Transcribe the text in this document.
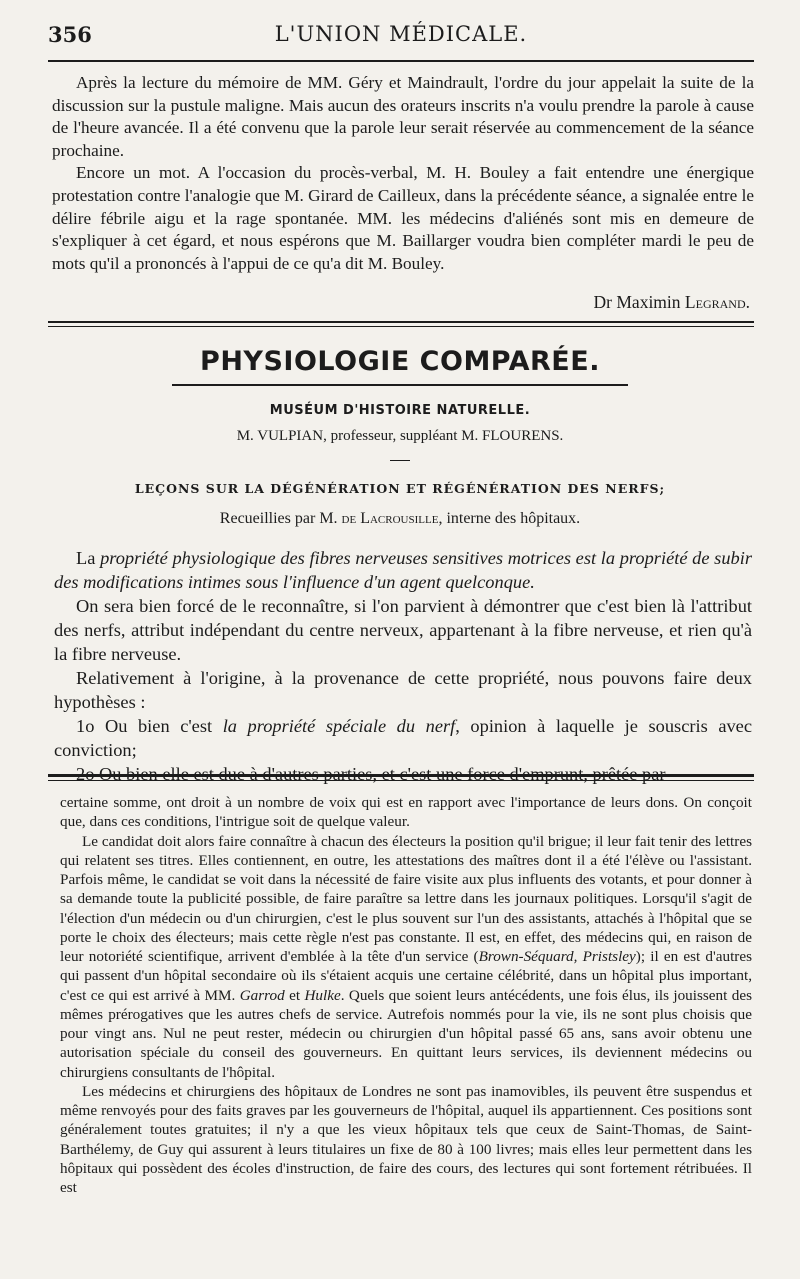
356	L'UNION MÉDICALE.

Après la lecture du mémoire de MM. Géry et Maindrault, l'ordre du jour appelait la suite de la discussion sur la pustule maligne. Mais aucun des orateurs inscrits n'a voulu prendre la parole à cause de l'heure avancée. Il a été convenu que la parole leur serait réservée au commencement de la séance prochaine.

Encore un mot. A l'occasion du procès-verbal, M. H. Bouley a fait entendre une énergique protestation contre l'analogie que M. Girard de Cailleux, dans la précédente séance, a signalée entre le délire fébrile aigu et la rage spontanée. MM. les médecins d'aliénés sont mis en demeure de s'expliquer à cet égard, et nous espérons que M. Baillarger voudra bien compléter mardi le peu de mots qu'il a prononcés à l'appui de ce qu'a dit M. Bouley.

Dr Maximin Legrand.
PHYSIOLOGIE COMPARÉE.
MUSÉUM D'HISTOIRE NATURELLE.
M. VULPIAN, professeur, suppléant M. FLOURENS.
LEÇONS SUR LA DÉGÉNÉRATION ET RÉGÉNÉRATION DES NERFS;
Recueillies par M. de Lacrousille, interne des hôpitaux.

La propriété physiologique des fibres nerveuses sensitives motrices est la propriété de subir des modifications intimes sous l'influence d'un agent quelconque.

On sera bien forcé de le reconnaître, si l'on parvient à démontrer que c'est bien là l'attribut des nerfs, attribut indépendant du centre nerveux, appartenant à la fibre nerveuse, et rien qu'à la fibre nerveuse.

Relativement à l'origine, à la provenance de cette propriété, nous pouvons faire deux hypothèses :

1o Ou bien c'est la propriété spéciale du nerf, opinion à laquelle je souscris avec conviction;

certaine somme, ont droit à un nombre de voix qui est en rapport avec l'importance de leurs dons. On conçoit que, dans ces conditions, l'intrigue soit de quelque valeur.

Le candidat doit alors faire connaître à chacun des électeurs la position qu'il brigue; il leur fait tenir des lettres qui relatent ses titres. Elles contiennent, en outre, les attestations des maîtres dont il a été l'élève ou l'assistant. Parfois même, le candidat se voit dans la nécessité de faire visite aux plus influents des votants, et pour donner à sa demande toute la publicité possible, de faire paraître sa lettre dans les journaux politiques. Lorsqu'il s'agit de l'élection d'un médecin ou d'un chirurgien, c'est le plus souvent sur l'un des assistants, attachés à l'hôpital que se porte le choix des électeurs; mais cette règle n'est pas constante. Il est, en effet, des médecins qui, en raison de leur notoriété scientifique, arrivent d'emblée à la tête d'un service (Brown-Séquard, Pristsley); il en est d'autres qui passent d'un hôpital secondaire où ils s'étaient acquis une certaine célébrité, dans un hôpital plus important, c'est ce qui est arrivé à MM. Garrod et Hulke. Quels que soient leurs antécédents, une fois élus, ils jouissent des mêmes prérogatives que les autres chefs de service. Autrefois nommés pour la vie, ils ne sont plus choisis que pour vingt ans. Nul ne peut rester, médecin ou chirurgien d'un hôpital passé 65 ans, sans avoir obtenu une autorisation spéciale du conseil des gouverneurs. En quittant leurs services, ils deviennent médecins ou chirurgiens consultants de l'hôpital.

Les médecins et chirurgiens des hôpitaux de Londres ne sont pas inamovibles, ils peuvent être suspendus et même renvoyés pour des faits graves par les gouverneurs de l'hôpital, auquel ils appartiennent. Ces positions sont généralement toutes gratuites; il n'y a que les vieux hôpitaux tels que ceux de Saint-Thomas, de Saint-Barthélemy, de Guy qui assurent à leurs titulaires un fixe de 80 à 100 livres; mais elles leur permettent dans les hôpitaux qui possèdent des écoles d'instruction, de faire des cours, des lectures qui sont fortement rétribuées. Il est
